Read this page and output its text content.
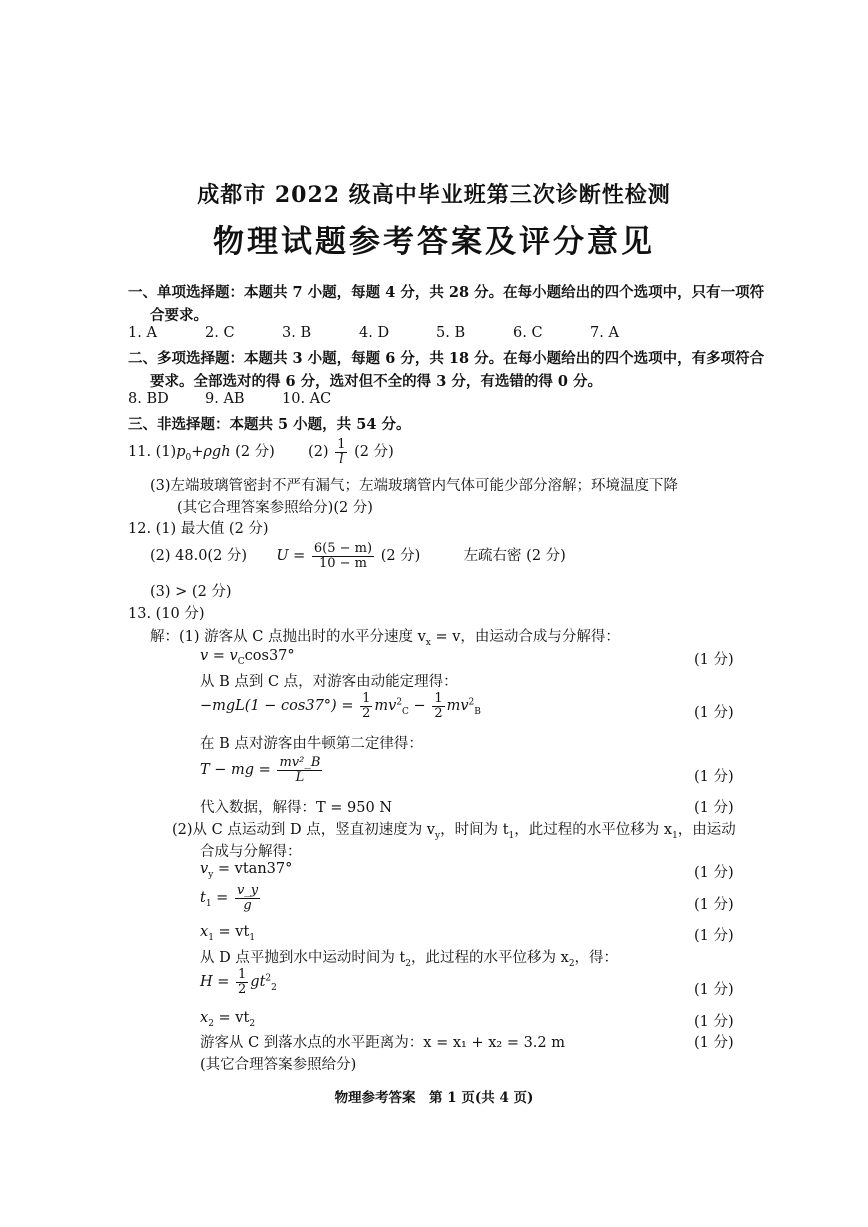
成都市 2022 级高中毕业班第三次诊断性检测
物理试题参考答案及评分意见
一、单项选择题：本题共 7 小题，每题 4 分，共 28 分。在每小题给出的四个选项中，只有一项符
合要求。
1. A	2. C	3. B	4. D	5. B	6. C	7. A
二、多项选择题：本题共 3 小题，每题 6 分，共 18 分。在每小题给出的四个选项中，有多项符合
要求。全部选对的得 6 分，选对但不全的得 3 分，有选错的得 0 分。
8. BD	9. AB	10. AC
三、非选择题：本题共 5 小题，共 54 分。
11. $(1)p_0+\rho gh$ (2 分) $(2) \frac{1}{l} (2$ 分)
(3)左端玻璃管密封不严有漏气；左端玻璃管内气体可能少部分溶解；环境温度下降
(其它合理答案参照给分)(2 分)
12. (1) 最大值 (2 分)
(2) 48.0(2 分) $U = \frac{6(5 - m)}{10 - m} (2$ 分)	左疏右密 (2 分)
(3) > (2 分)
13. (10 分)
解：(1) 游客从 C 点抛出时的水平分速度 $v_x = v$，由运动合成与分解得：
$v = v_C\cos 37^\circ$	(1 分)
从 B 点到 C 点，对游客由动能定理得：
$-mgL(1 - \cos 37^\circ) = \frac{1}{2} mv^2_C - \frac{1}{2} mv^2_B$	(1 分)
在 B 点对游客由牛顿第二定律得：
T − mg = $\frac{\text{mv²\_B}}{L}$	(1 分)
代入数据，解得：T = 950 N	(1 分)
(2)从 C 点运动到 D 点，竖直初速度为 $v_y$，时间为 $t_1$，此过程的水平位移为 $x_1$，由运动
合成与分解得：
$v_y = vtan37^\circ$	(1 分)
$t_1 = \frac{v\_y}{g}$	(1 分)
$x_1 = vt_1$	(1 分)
从 D 点平抛到水中运动时间为 $t_2$，此过程的水平位移为 $x_2$，得：
$H = \frac{1}{2} gt^2_2$	(1 分)
$x_2 = vt_2$	(1 分)
游客从 C 到落水点的水平距离为：x = x₁ + x₂ = 3.2 m	(1 分)
(其它合理答案参照给分)
物理参考答案　第 1 页(共 4 页)
